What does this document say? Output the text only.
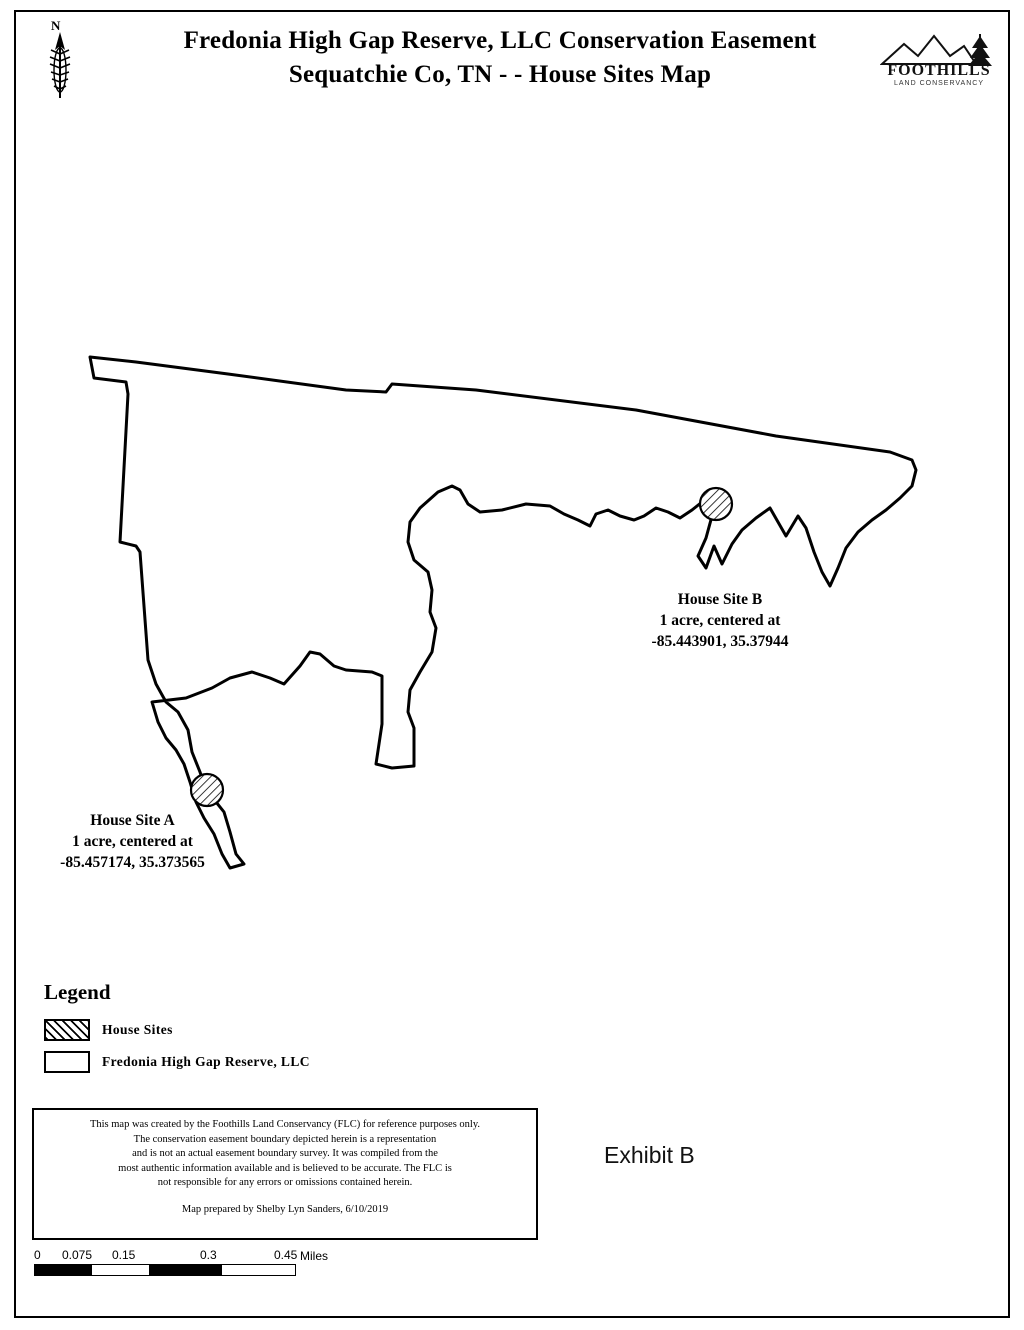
N
Fredonia High Gap Reserve, LLC Conservation Easement
Sequatchie Co, TN - - House Sites Map	FOOTHILLS
LAND CONSERVANCY
House Site B
1 acre, centered at
-85.443901, 35.37944
House Site A
1 acre, centered at
-85.457174, 35.373565
Legend
House Sites
Fredonia High Gap Reserve, LLC
This map was created by the Foothills Land Conservancy (FLC) for reference purposes only.
The conservation easement boundary depicted herein is a representation
and is not an actual easement boundary survey. It was compiled from the
most authentic information available and is believed to be accurate. The FLC is
not responsible for any errors or omissions contained herein.
Map prepared by Shelby Lyn Sanders, 6/10/2019
Exhibit B
0 0.075 0.15	0.3	0.45 Miles
